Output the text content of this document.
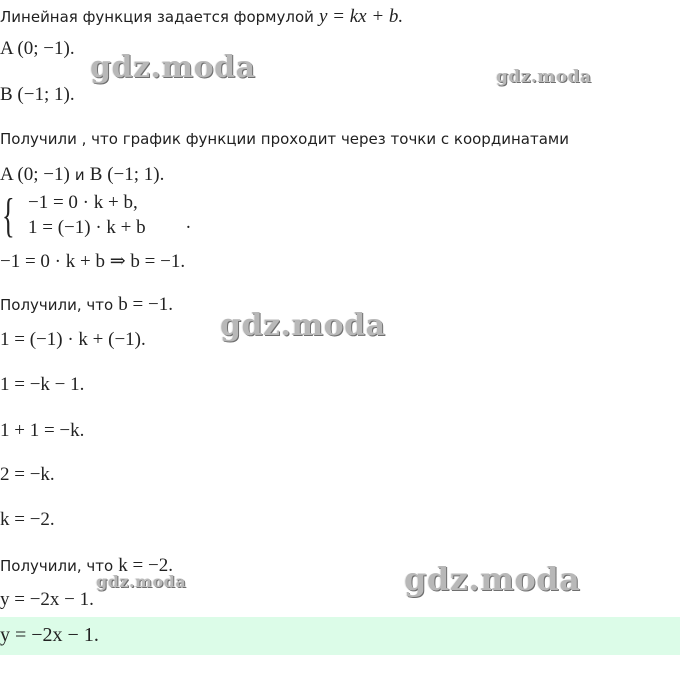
Линейная функция задается формулой y = kx + b.
A (0; −1).
B (−1; 1).
Получили , что график функции проходит через точки с координатами
A (0; −1) и B (−1; 1).
{ −1 = 0 · k + b,
1 = (−1) · k + b .
−1 = 0 · k + b ⇒ b = −1.
Получили, что b = −1.
1 = (−1) · k + (−1).
1 = −k − 1.
1 + 1 = −k.
2 = −k.
k = −2.
Получили, что k = −2.
y = −2x − 1.
y = −2x − 1.
gdz.moda	gdz.moda
gdz.moda
gdz.moda	gdz.moda
